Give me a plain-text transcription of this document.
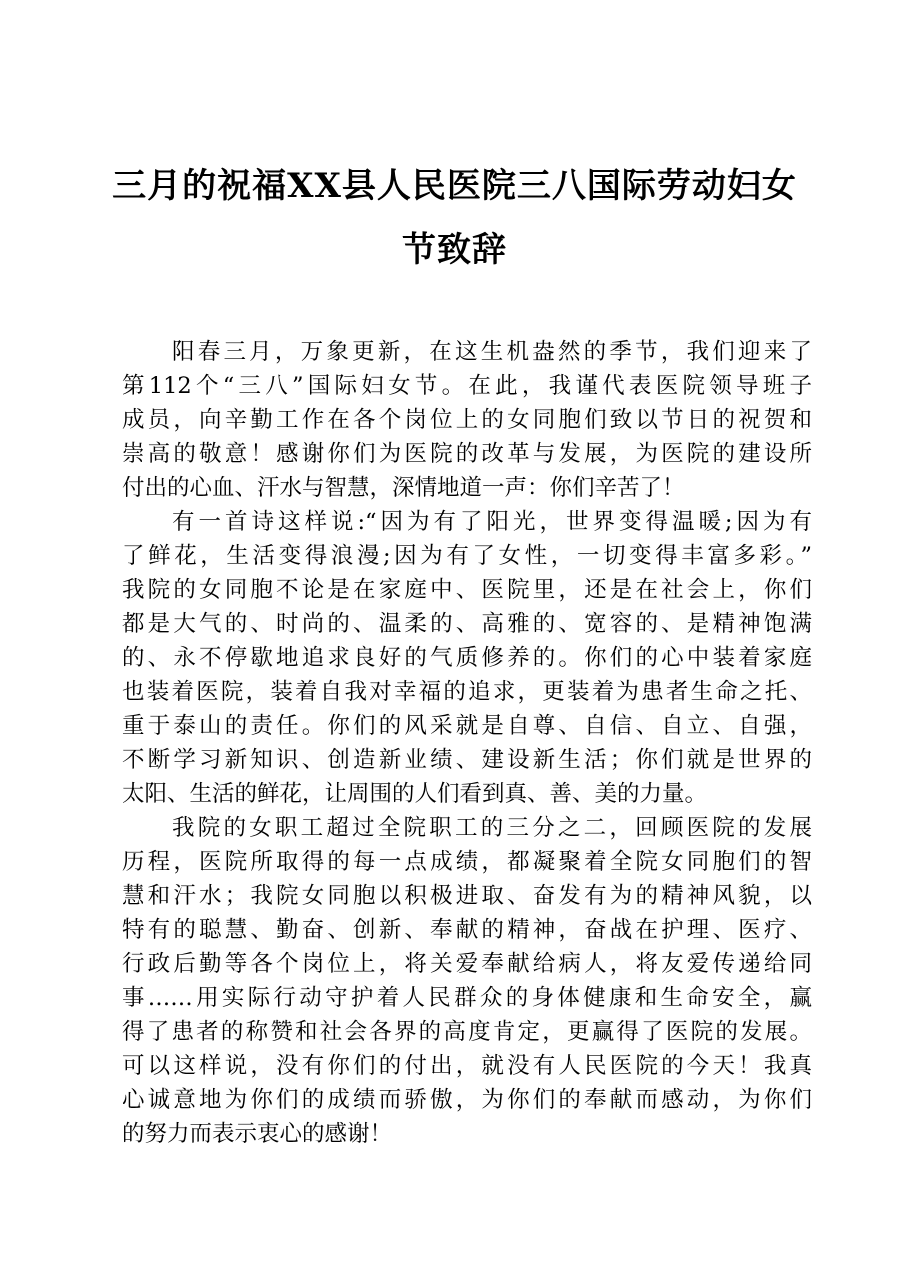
三月的祝福XX县人民医院三八国际劳动妇女
节致辞
阳春三月，万象更新，在这生机盎然的季节，我们迎来了
第112个“三八”国际妇女节。在此，我谨代表医院领导班子
成员，向辛勤工作在各个岗位上的女同胞们致以节日的祝贺和
崇高的敬意！感谢你们为医院的改革与发展，为医院的建设所
付出的心血、汗水与智慧，深情地道一声：你们辛苦了！
有一首诗这样说:“因为有了阳光，世界变得温暖;因为有
了鲜花，生活变得浪漫;因为有了女性，一切变得丰富多彩。”
我院的女同胞不论是在家庭中、医院里，还是在社会上，你们
都是大气的、时尚的、温柔的、高雅的、宽容的、是精神饱满
的、永不停歇地追求良好的气质修养的。你们的心中装着家庭
也装着医院，装着自我对幸福的追求，更装着为患者生命之托、
重于泰山的责任。你们的风采就是自尊、自信、自立、自强，
不断学习新知识、创造新业绩、建设新生活；你们就是世界的
太阳、生活的鲜花，让周围的人们看到真、善、美的力量。
我院的女职工超过全院职工的三分之二，回顾医院的发展
历程，医院所取得的每一点成绩，都凝聚着全院女同胞们的智
慧和汗水；我院女同胞以积极进取、奋发有为的精神风貌，以
特有的聪慧、勤奋、创新、奉献的精神，奋战在护理、医疗、
行政后勤等各个岗位上，将关爱奉献给病人，将友爱传递给同
事……用实际行动守护着人民群众的身体健康和生命安全，赢
得了患者的称赞和社会各界的高度肯定，更赢得了医院的发展。
可以这样说，没有你们的付出，就没有人民医院的今天！我真
心诚意地为你们的成绩而骄傲，为你们的奉献而感动，为你们
的努力而表示衷心的感谢！
